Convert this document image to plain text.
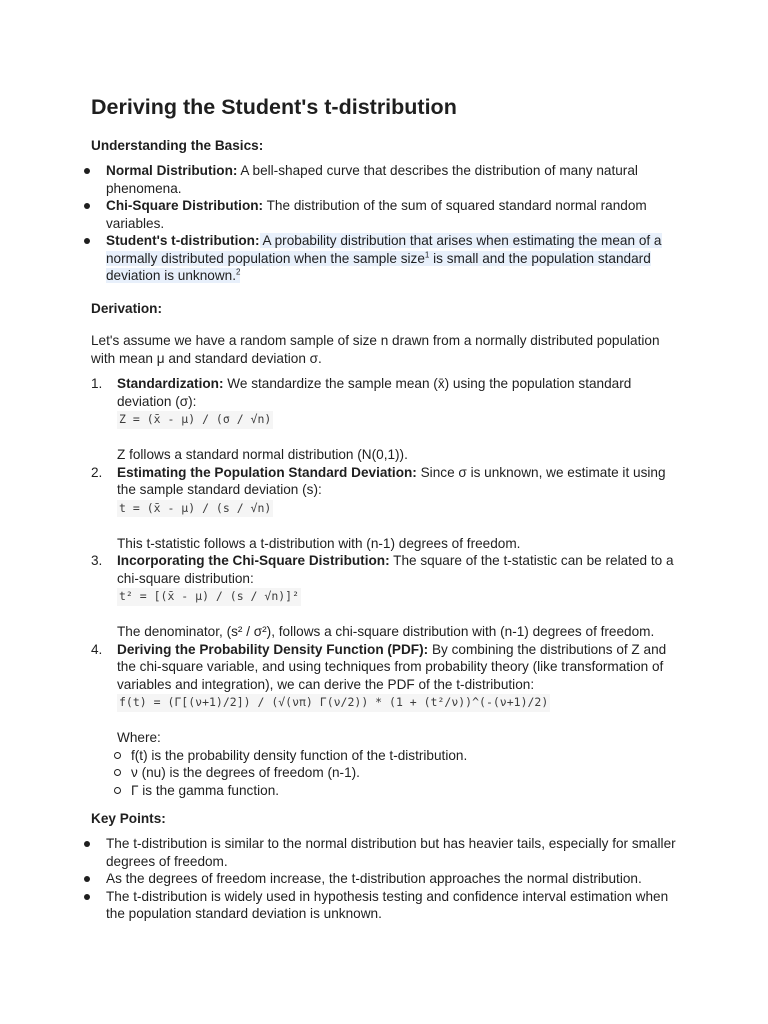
Deriving the Student's t-distribution

Understanding the Basics:

Normal Distribution: A bell-shaped curve that describes the distribution of many natural phenomena.
Chi-Square Distribution: The distribution of the sum of squared standard normal random variables.
Student's t-distribution: A probability distribution that arises when estimating the mean of a normally distributed population when the sample size$^1$ is small and the population standard deviation is unknown.$^2$

Derivation:

Let's assume we have a random sample of size n drawn from a normally distributed population with mean μ and standard deviation σ.

1. Standardization: We standardize the sample mean (x̄) using the population standard deviation (σ):
Z = (x̄ - μ) / (σ / √n)
Z follows a standard normal distribution (N(0,1)).
2. Estimating the Population Standard Deviation: Since σ is unknown, we estimate it using the sample standard deviation (s):
t = (x̄ - μ) / (s / √n)
This t-statistic follows a t-distribution with (n-1) degrees of freedom.
3. Incorporating the Chi-Square Distribution: The square of the t-statistic can be related to a chi-square distribution:
t² = [(x̄ - μ) / (s / √n)]²
The denominator, (s² / σ²), follows a chi-square distribution with (n-1) degrees of freedom.
4. Deriving the Probability Density Function (PDF): By combining the distributions of Z and the chi-square variable, and using techniques from probability theory (like transformation of variables and integration), we can derive the PDF of the t-distribution:
f(t) = (Γ[(ν+1)/2]) / (√(νπ) Γ(ν/2)) * (1 + (t²/ν))^(-(ν+1)/2)
Where:
f(t) is the probability density function of the t-distribution.
ν (nu) is the degrees of freedom (n-1).
Γ is the gamma function.

Key Points:

The t-distribution is similar to the normal distribution but has heavier tails, especially for smaller degrees of freedom.
As the degrees of freedom increase, the t-distribution approaches the normal distribution.
The t-distribution is widely used in hypothesis testing and confidence interval estimation when the population standard deviation is unknown.
